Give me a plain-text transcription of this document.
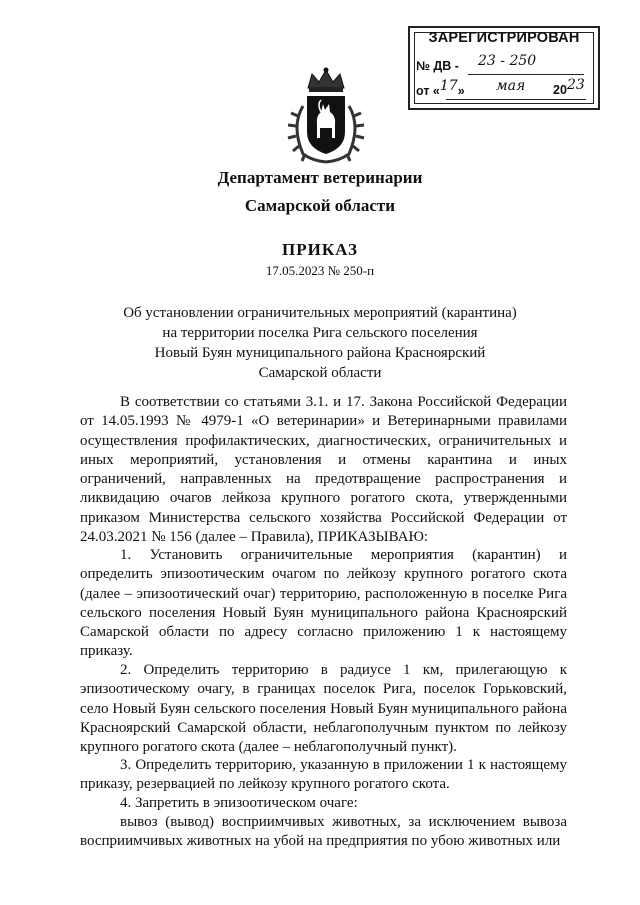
ЗАРЕГИСТРИРОВАН
№ ДВ - 23 - 250
от «17» мая 20 23
Департамент ветеринарии
Самарской области
ПРИКАЗ
17.05.2023 № 250-п
Об установлении ограничительных мероприятий (карантина)
на территории поселка Рига сельского поселения
Новый Буян муниципального района Красноярский
Самарской области
В соответствии со статьями 3.1. и 17. Закона Российской Федерации от 14.05.1993 № 4979-1 «О ветеринарии» и Ветеринарными правилами осуществления профилактических, диагностических, ограничительных и иных мероприятий, установления и отмены карантина и иных ограничений, направленных на предотвращение распространения и ликвидацию очагов лейкоза крупного рогатого скота, утвержденными приказом Министерства сельского хозяйства Российской Федерации от 24.03.2021 № 156 (далее – Правила), ПРИКАЗЫВАЮ:
1. Установить ограничительные мероприятия (карантин) и определить эпизоотическим очагом по лейкозу крупного рогатого скота (далее – эпизоотический очаг) территорию, расположенную в поселке Рига сельского поселения Новый Буян муниципального района Красноярский Самарской области по адресу согласно приложению 1 к настоящему приказу.
2. Определить территорию в радиусе 1 км, прилегающую к эпизоотическому очагу, в границах поселок Рига, поселок Горьковский, село Новый Буян сельского поселения Новый Буян муниципального района Красноярский Самарской области, неблагополучным пунктом по лейкозу крупного рогатого скота (далее – неблагополучный пункт).
3. Определить территорию, указанную в приложении 1 к настоящему приказу, резервацией по лейкозу крупного рогатого скота.
4. Запретить в эпизоотическом очаге:
вывоз (вывод) восприимчивых животных, за исключением вывоза восприимчивых животных на убой на предприятия по убою животных или
